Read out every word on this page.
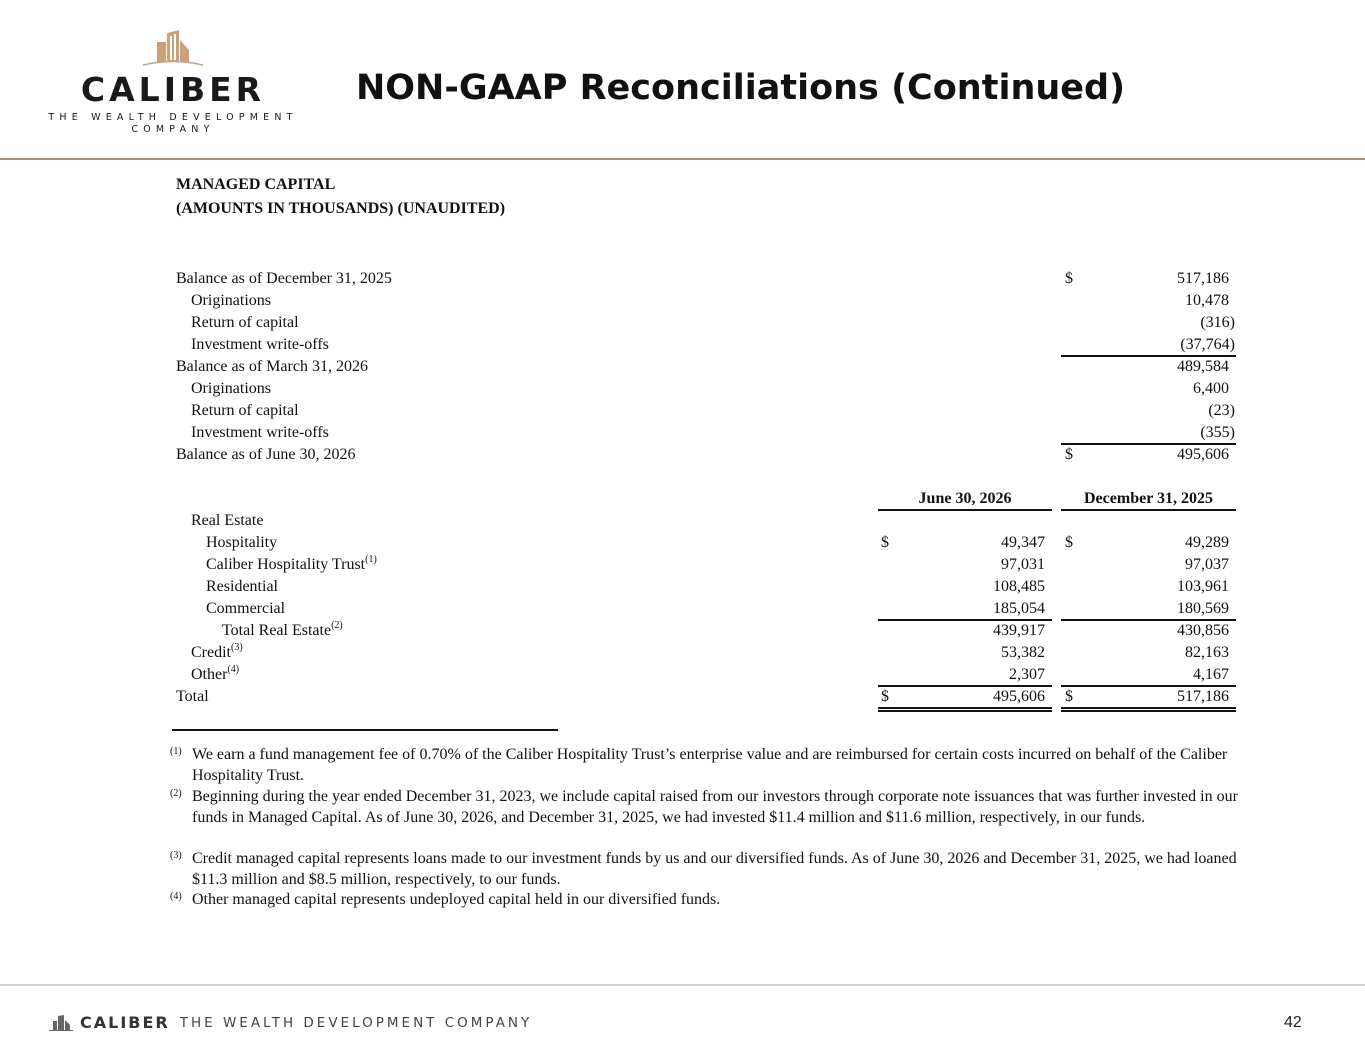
CALIBER
THE WEALTH DEVELOPMENT COMPANY
NON-GAAP Reconciliations (Continued)
MANAGED CAPITAL
(AMOUNTS IN THOUSANDS) (UNAUDITED)
Balance as of December 31, 2025	$	517,186
Originations	10,478
Return of capital	(316)
Investment write-offs	(37,764)
Balance as of March 31, 2026	489,584
Originations	6,400
Return of capital	(23)
Investment write-offs	(355)
Balance as of June 30, 2026	$	495,606
June 30, 2026	December 31, 2025
Real Estate
Hospitality	$	49,347 $	49,289
Caliber Hospitality Trust$^{(1)}$	97,031	97,037
Residential	108,485	103,961
Commercial	185,054	180,569
Total Real Estate$^{(2)}$	439,917	430,856
Credit$^{(3)}$	53,382	82,163
Other$^{(4)}$	2,307	4,167
Total	$	495,606 $	517,186
(1) We earn a fund management fee of 0.70% of the Caliber Hospitality Trust’s enterprise value and are reimbursed for certain costs incurred on behalf of the Caliber Hospitality Trust.
(2) Beginning during the year ended December 31, 2023, we include capital raised from our investors through corporate note issuances that was further invested in our funds in Managed Capital. As of June 30, 2026, and December 31, 2025, we had invested $11.4 million and $11.6 million, respectively, in our funds.
(3) Credit managed capital represents loans made to our investment funds by us and our diversified funds. As of June 30, 2026 and December 31, 2025, we had loaned $11.3 million and $8.5 million, respectively, to our funds.
(4) Other managed capital represents undeployed capital held in our diversified funds.
CALIBER THE WEALTH DEVELOPMENT COMPANY	42
